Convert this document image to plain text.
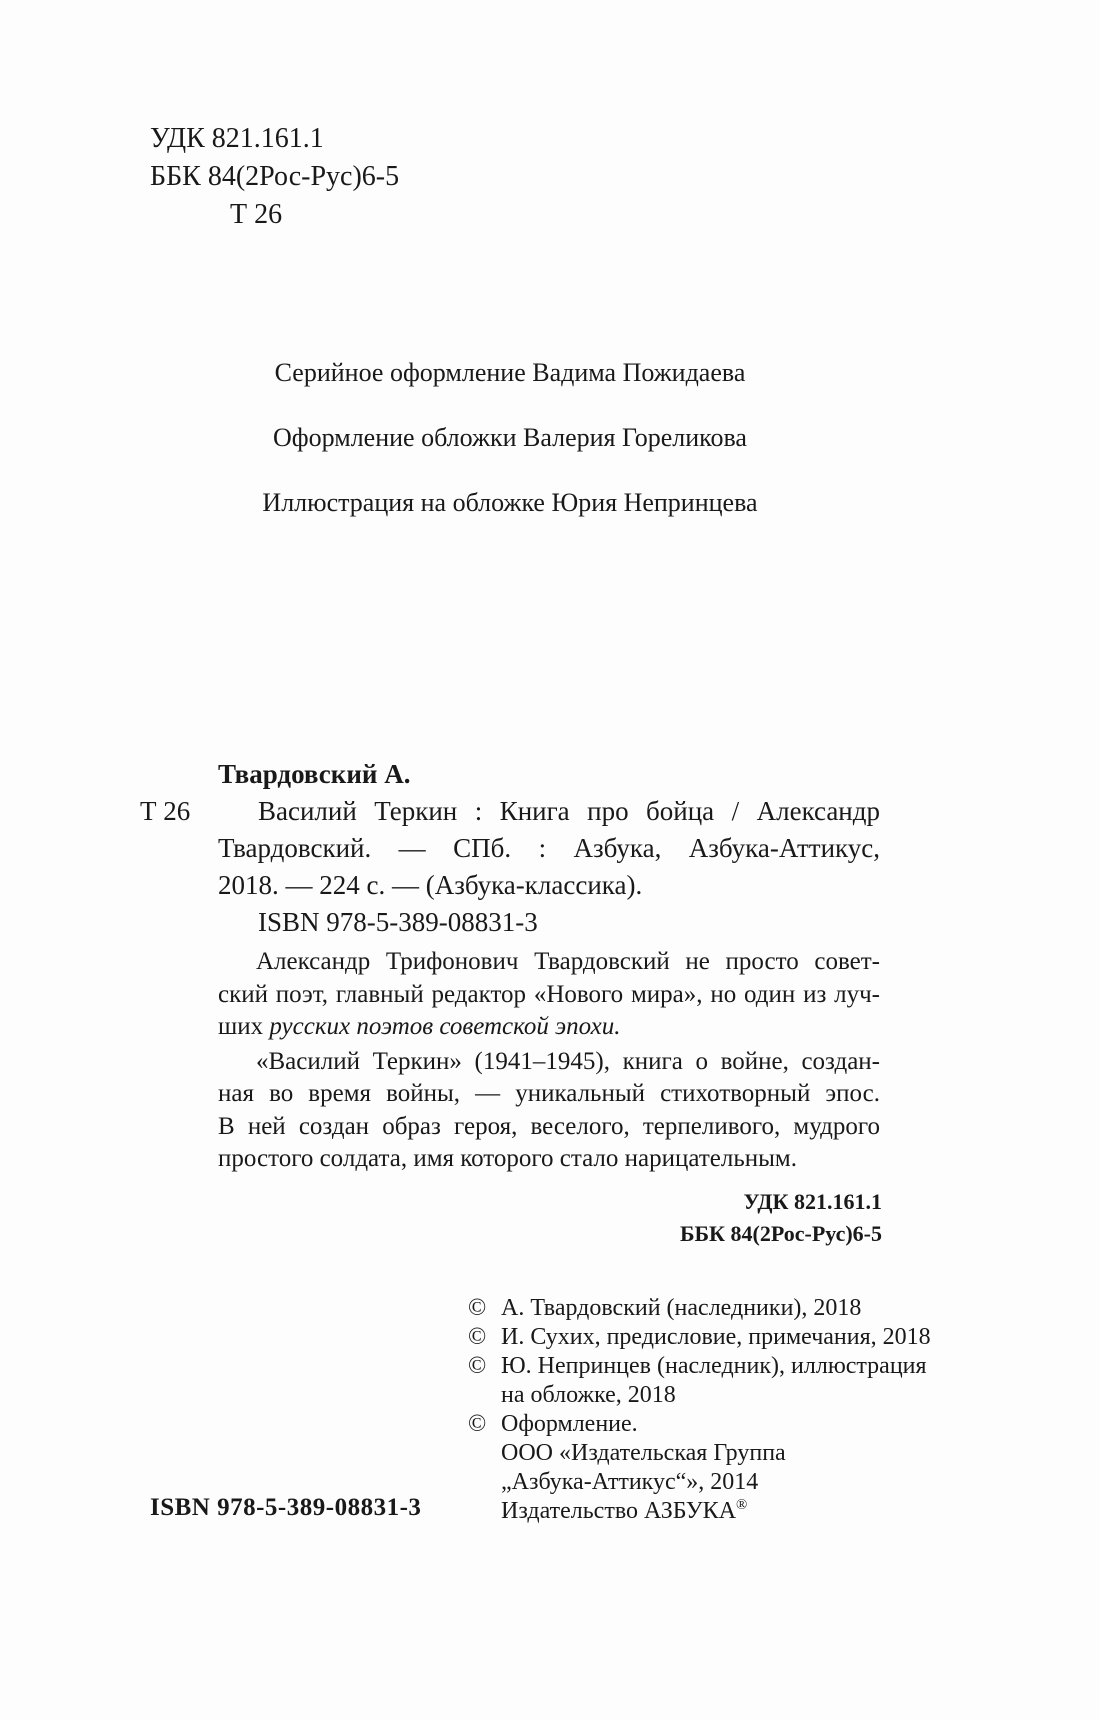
УДК 821.161.1
ББК 84(2Рос-Рус)6-5
Т 26
Серийное оформление Вадима Пожидаева
Оформление обложки Валерия Гореликова
Иллюстрация на обложке Юрия Непринцева
Т 26
Твардовский А.
Василий Теркин : Книга про бойца / Александр
Твардовский. — СПб. : Азбука, Азбука-Аттикус,
2018. — 224 с. — (Азбука-классика).
ISBN 978-5-389-08831-3
Александр Трифонович Твардовский не просто совет-
ский поэт, главный редактор «Нового мира», но один из луч-
ших русских поэтов советской эпохи.
«Василий Теркин» (1941–1945), книга о войне, создан-
ная во время войны, — уникальный стихотворный эпос.
В ней создан образ героя, веселого, терпеливого, мудрого
простого солдата, имя которого стало нарицательным.
УДК 821.161.1
ББК 84(2Рос-Рус)6-5
© А. Твардовский (наследники), 2018
© И. Сухих, предисловие, примечания, 2018
© Ю. Непринцев (наследник), иллюстрация
на обложке, 2018
© Оформление.
ООО «Издательская Группа
„Азбука-Аттикус“», 2014
Издательство АЗБУКА®
ISBN 978-5-389-08831-3
